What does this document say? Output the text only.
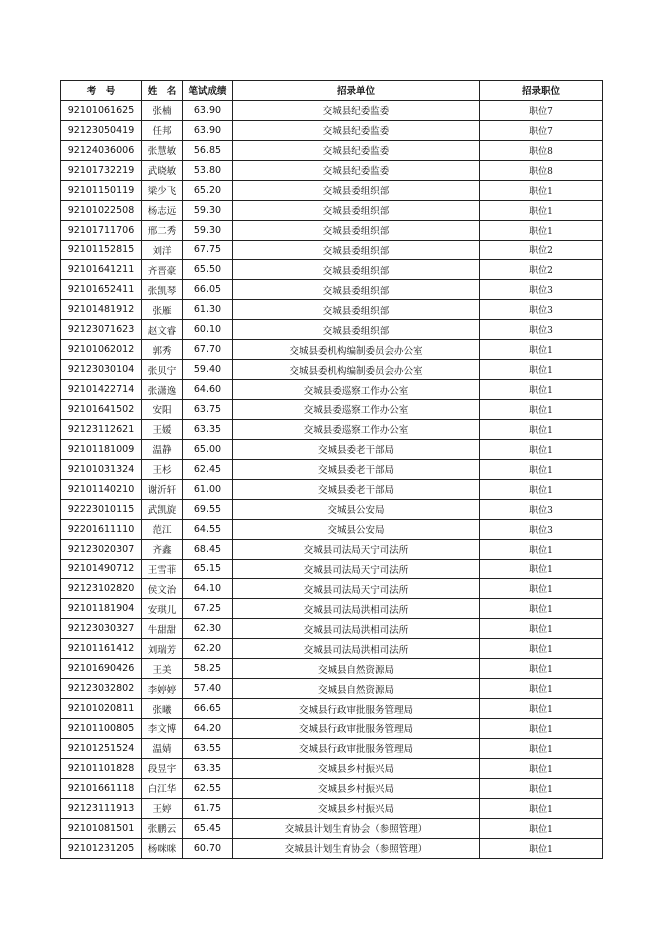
考　号	姓　名	笔试成绩	招录单位	招录职位
92101061625	张楠	63.90	交城县纪委监委	职位7
92123050419	任邦	63.90	交城县纪委监委	职位7
92124036006	张慧敏	56.85	交城县纪委监委	职位8
92101732219	武晓敏	53.80	交城县纪委监委	职位8
92101150119	梁少飞	65.20	交城县委组织部	职位1
92101022508	杨志远	59.30	交城县委组织部	职位1
92101711706	邢二秀	59.30	交城县委组织部	职位1
92101152815	刘洋	67.75	交城县委组织部	职位2
92101641211	齐晋豪	65.50	交城县委组织部	职位2
92101652411	张凯琴	66.05	交城县委组织部	职位3
92101481912	张雁	61.30	交城县委组织部	职位3
92123071623	赵文睿	60.10	交城县委组织部	职位3
92101062012	郭秀	67.70	交城县委机构编制委员会办公室	职位1
92123030104	张贝宁	59.40	交城县委机构编制委员会办公室	职位1
92101422714	张潇逸	64.60	交城县委巡察工作办公室	职位1
92101641502	安阳	63.75	交城县委巡察工作办公室	职位1
92123112621	王媛	63.35	交城县委巡察工作办公室	职位1
92101181009	温静	65.00	交城县委老干部局	职位1
92101031324	王杉	62.45	交城县委老干部局	职位1
92101140210	谢沂轩	61.00	交城县委老干部局	职位1
92223010115	武凯旋	69.55	交城县公安局	职位3
92201611110	范江	64.55	交城县公安局	职位3
92123020307	齐鑫	68.45	交城县司法局天宁司法所	职位1
92101490712	王雪菲	65.15	交城县司法局天宁司法所	职位1
92123102820	侯文治	64.10	交城县司法局天宁司法所	职位1
92101181904	安琪儿	67.25	交城县司法局洪相司法所	职位1
92123030327	牛甜甜	62.30	交城县司法局洪相司法所	职位1
92101161412	刘瑞芳	62.20	交城县司法局洪相司法所	职位1
92101690426	王美	58.25	交城县自然资源局	职位1
92123032802	李婷婷	57.40	交城县自然资源局	职位1
92101020811	张曦	66.65	交城县行政审批服务管理局	职位1
92101100805	李文博	64.20	交城县行政审批服务管理局	职位1
92101251524	温婧	63.55	交城县行政审批服务管理局	职位1
92101101828	段昱宇	63.35	交城县乡村振兴局	职位1
92101661118	白江华	62.55	交城县乡村振兴局	职位1
92123111913	王婷	61.75	交城县乡村振兴局	职位1
92101081501	张鹏云	65.45	交城县计划生育协会（参照管理）	职位1
92101231205	杨咪咪	60.70	交城县计划生育协会（参照管理）	职位1
